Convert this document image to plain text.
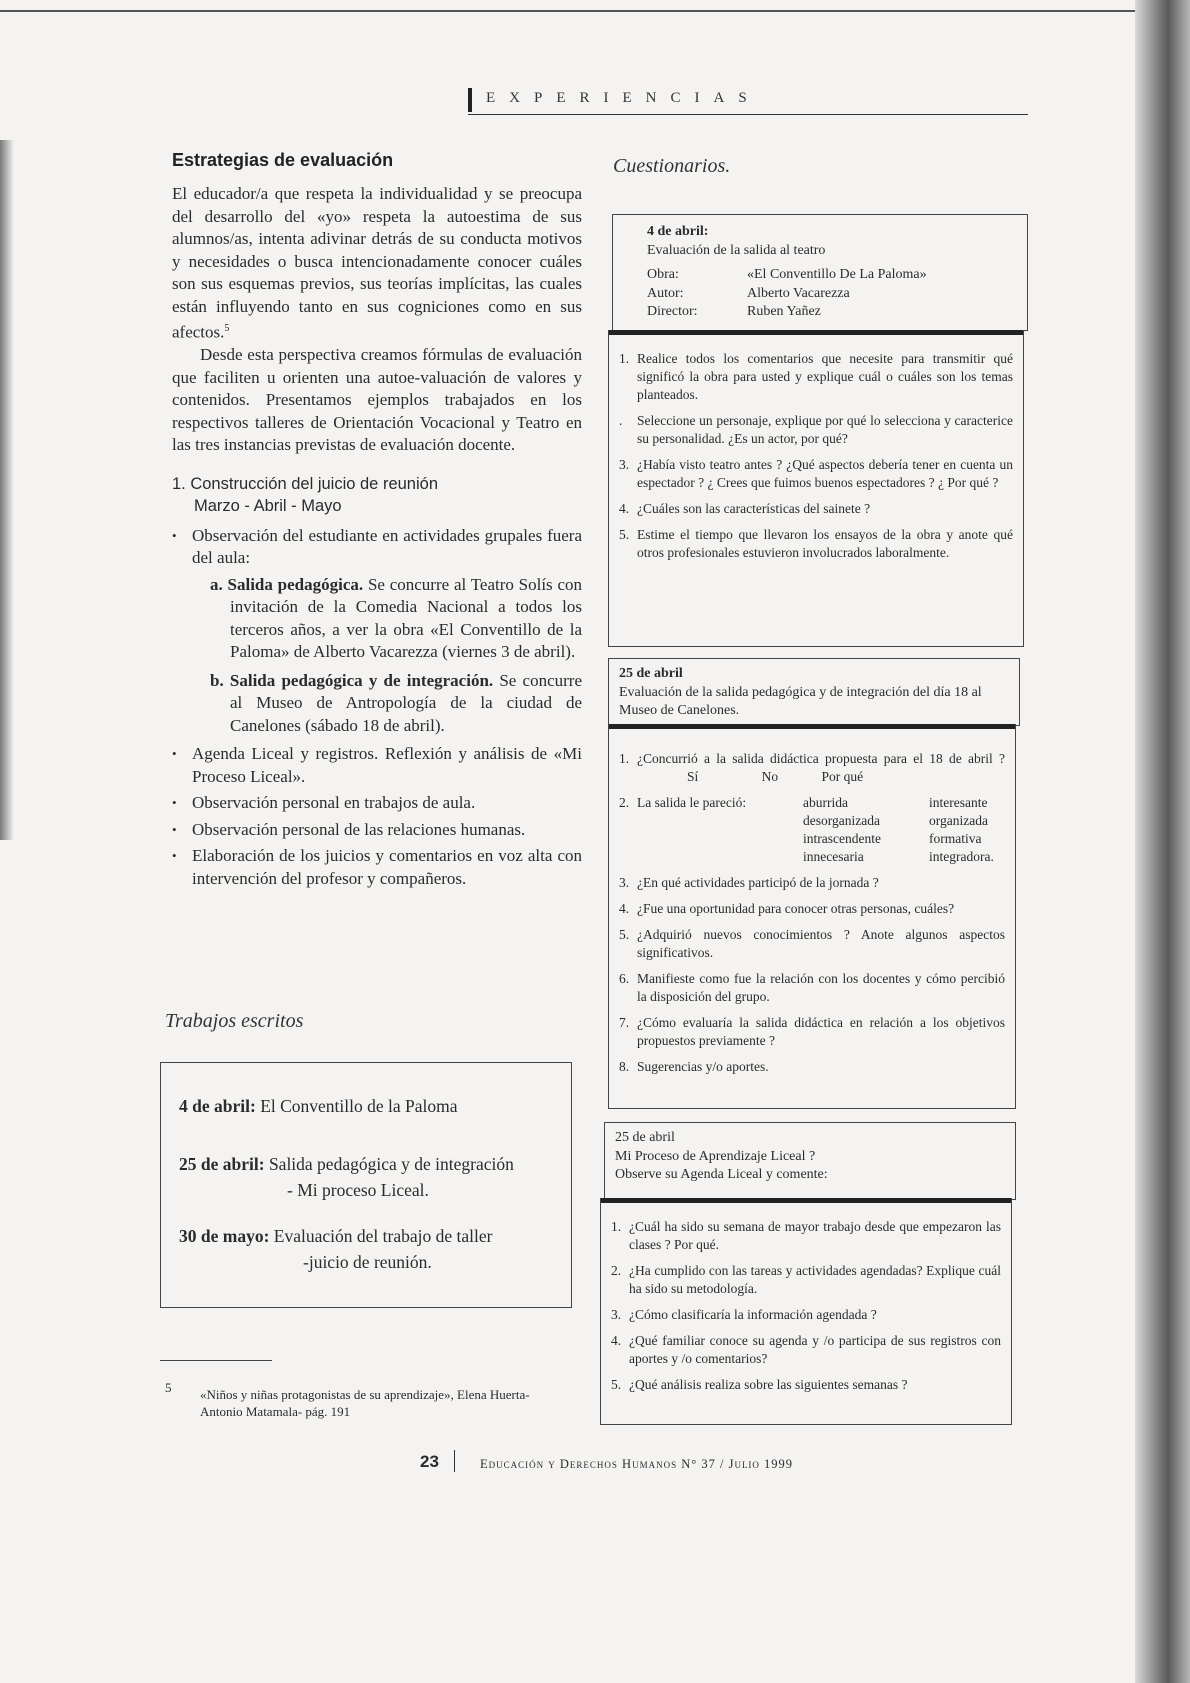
EXPERIENCIAS
Estrategias de evaluación

El educador/a que respeta la individualidad y se preocupa del desarrollo del «yo» respeta la autoestima de sus alumnos/as, intenta adivinar detrás de su conducta motivos y necesidades o busca intencionadamente conocer cuáles son sus esquemas previos, sus teorías implícitas, las cuales están influyendo tanto en sus cogniciones como en sus afectos.$^5$

Desde esta perspectiva creamos fórmulas de evaluación que faciliten u orienten una autoe-valuación de valores y contenidos. Presentamos ejemplos trabajados en los respectivos talleres de Orientación Vocacional y Teatro en las tres instancias previstas de evaluación docente.

1. Construcción del juicio de reunión
Marzo - Abril - Mayo
• Observación del estudiante en actividades grupales fuera del aula:
a. Salida pedagógica. Se concurre al Teatro Solís con invitación de la Comedia Nacional a todos los terceros años, a ver la obra «El Conventillo de la Paloma» de Alberto Vacarezza (viernes 3 de abril).
b. Salida pedagógica y de integración. Se concurre al Museo de Antropología de la ciudad de Canelones (sábado 18 de abril).
• Agenda Liceal y registros. Reflexión y análisis de «Mi Proceso Liceal».
• Observación personal en trabajos de aula.
• Observación personal de las relaciones humanas.
• Elaboración de los juicios y comentarios en voz alta con intervención del profesor y compañeros.
Trabajos escritos
4 de abril: El Conventillo de la Paloma
25 de abril: Salida pedagógica y de integración
- Mi proceso Liceal.
30 de mayo: Evaluación del trabajo de taller
-juicio de reunión.
5 «Niños y niñas protagonistas de su aprendizaje», Elena Huerta- Antonio Matamala- pág. 191
23	Educación y Derechos Humanos N° 37 / Julio 1999
Cuestionarios.
4 de abril:
Evaluación de la salida al teatro
Obra:	«El Conventillo De La Paloma»
Autor:	Alberto Vacarezza
Director:	Ruben Yañez
1. Realice todos los comentarios que necesite para transmitir qué significó la obra para usted y explique cuál o cuáles son los temas planteados.
. Seleccione un personaje, explique por qué lo selecciona y caracterice su personalidad. ¿Es un actor, por qué?
3. ¿Había visto teatro antes ? ¿Qué aspectos debería tener en cuenta un espectador ? ¿ Crees que fuimos buenos espectadores ? ¿ Por qué ?
4. ¿Cuáles son las características del sainete ?
5. Estime el tiempo que llevaron los ensayos de la obra y anote qué otros profesionales estuvieron involucrados laboralmente.
25 de abril
Evaluación de la salida pedagógica y de integración del día 18 al Museo de Canelones.
1. ¿Concurrió a la salida didáctica propuesta para el 18 de abril ? Sí	No	Por qué
2. La salida le pareció:	aburrida	interesante
desorganizada	organizada
intrascendente	formativa
innecesaria	integradora.
3. ¿En qué actividades participó de la jornada ?
4. ¿Fue una oportunidad para conocer otras personas, cuáles?
5. ¿Adquirió nuevos conocimientos ? Anote algunos aspectos significativos.
6. Manifieste como fue la relación con los docentes y cómo percibió la disposición del grupo.
7. ¿Cómo evaluaría la salida didáctica en relación a los objetivos propuestos previamente ?
8. Sugerencias y/o aportes.
25 de abril
Mi Proceso de Aprendizaje Liceal ?
Observe su Agenda Liceal y comente:
1. ¿Cuál ha sido su semana de mayor trabajo desde que empezaron las clases ? Por qué.
2. ¿Ha cumplido con las tareas y actividades agendadas? Explique cuál ha sido su metodología.
3. ¿Cómo clasificaría la información agendada ?
4. ¿Qué familiar conoce su agenda y /o participa de sus registros con aportes y /o comentarios?
5. ¿Qué análisis realiza sobre las siguientes semanas ?
